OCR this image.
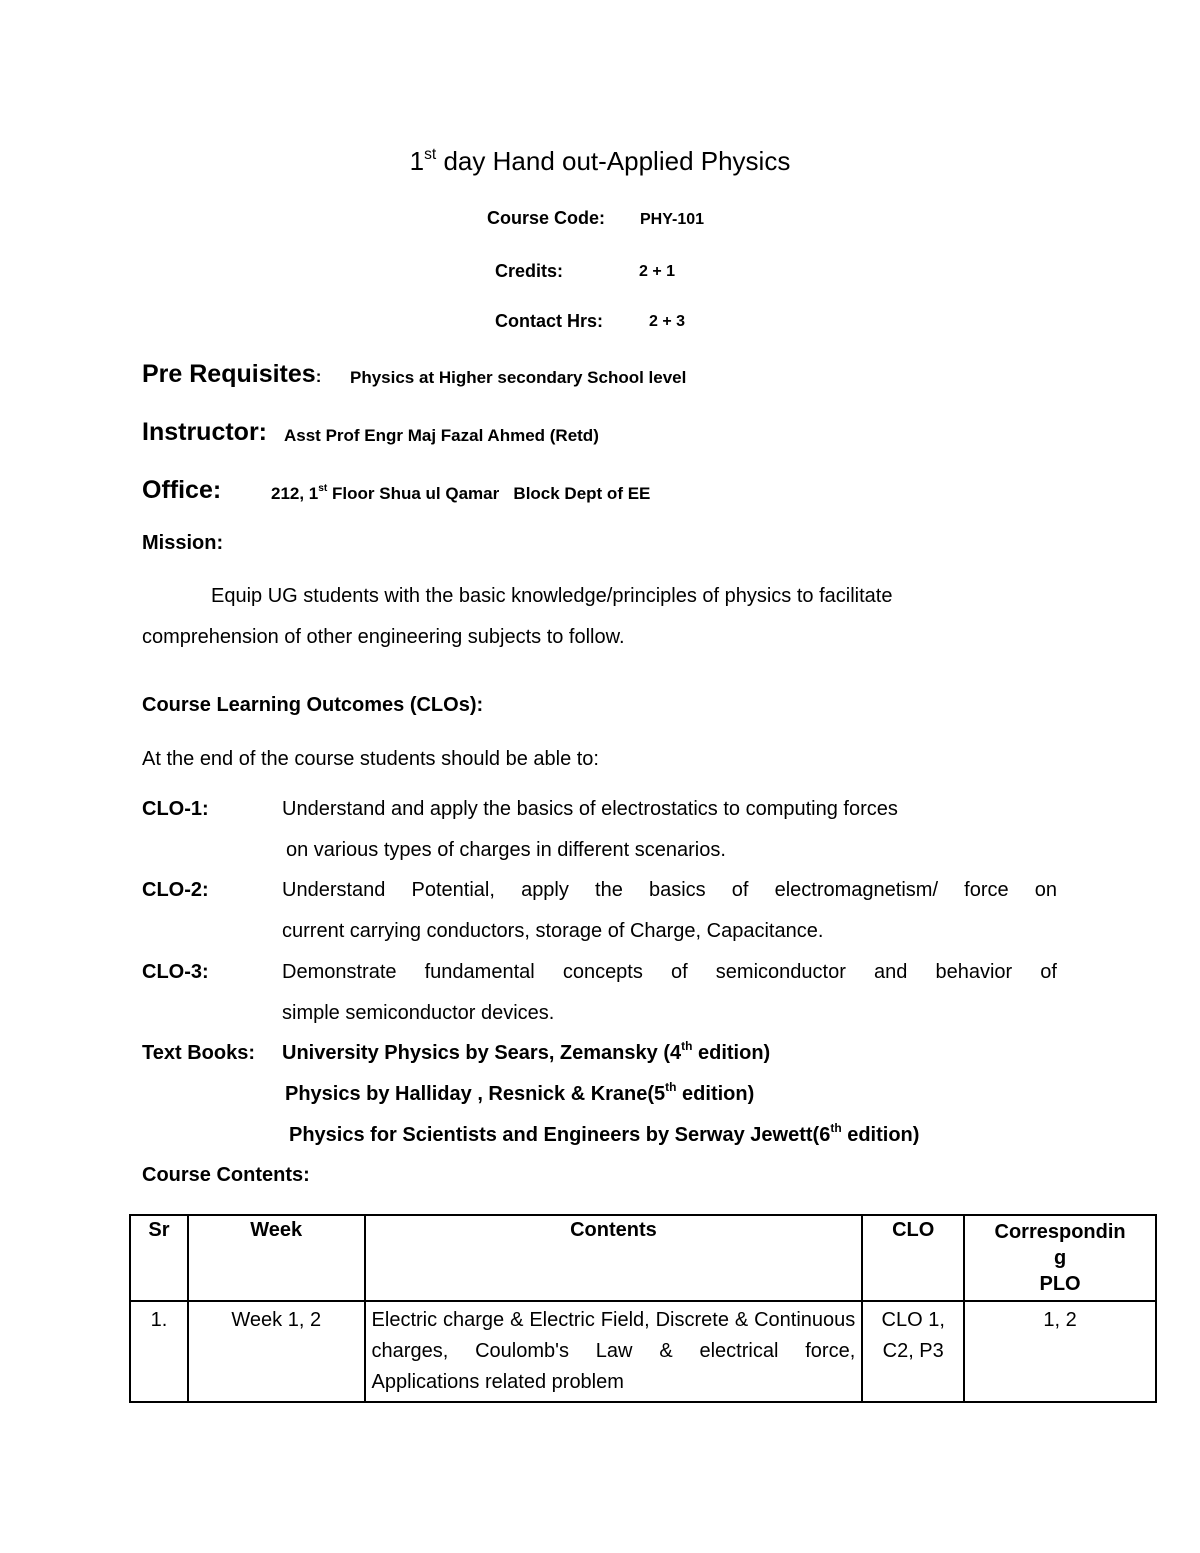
1st day Hand out-Applied Physics
Course Code: PHY-101
Credits:	2 + 1
Contact Hrs:	2 + 3
Pre Requisites: Physics at Higher secondary School level
Instructor: Asst Prof Engr Maj Fazal Ahmed (Retd)
Office:	212, 1st Floor Shua ul Qamar   Block Dept of EE
Mission:
Equip UG students with the basic knowledge/principles of physics to facilitate
comprehension of other engineering subjects to follow.
Course Learning Outcomes (CLOs):
At the end of the course students should be able to:
CLO-1:	Understand and apply the basics of electrostatics to computing forces
on various types of charges in different scenarios.
CLO-2:	Understand Potential, apply the basics of electromagnetism/ force on
current carrying conductors, storage of Charge, Capacitance.
CLO-3:	Demonstrate fundamental concepts of semiconductor and behavior of
simple semiconductor devices.
Text Books: University Physics by Sears, Zemansky (4th edition)
Physics by Halliday , Resnick & Krane(5th edition)
Physics for Scientists and Engineers by Serway Jewett(6th edition)
Course Contents:
Sr	Week	Contents	CLO	Correspondin
g
PLO
1.	Week 1, 2	Electric charge & Electric Field, Discrete & Continuous charges, Coulomb's Law & electrical force, Applications related problem	CLO 1, C2, P3	1, 2
